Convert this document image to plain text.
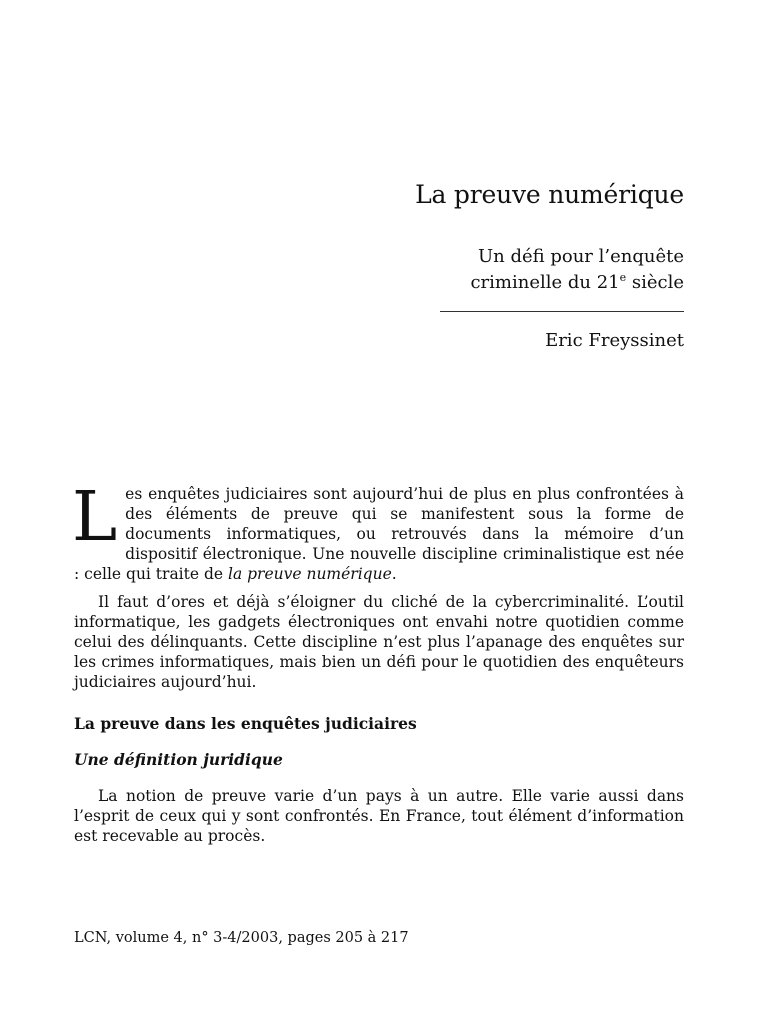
La preuve numérique
Un défi pour l’enquête
criminelle du 21e siècle
Eric Freyssinet
Les enquêtes judiciaires sont aujourd’hui de plus en plus confrontées à des éléments de preuve qui se manifestent sous la forme de documents informatiques, ou retrouvés dans la mémoire d’un dispositif électronique. Une nouvelle discipline criminalistique est née : celle qui traite de la preuve numérique.
Il faut d’ores et déjà s’éloigner du cliché de la cybercriminalité. L’outil informatique, les gadgets électroniques ont envahi notre quotidien comme celui des délinquants. Cette discipline n’est plus l’apanage des enquêtes sur les crimes informatiques, mais bien un défi pour le quotidien des enquêteurs judiciaires aujourd’hui.
La preuve dans les enquêtes judiciaires
Une définition juridique
La notion de preuve varie d’un pays à un autre. Elle varie aussi dans l’esprit de ceux qui y sont confrontés. En France, tout élément d’information est recevable au procès.
LCN, volume 4, n° 3-4/2003, pages 205 à 217
